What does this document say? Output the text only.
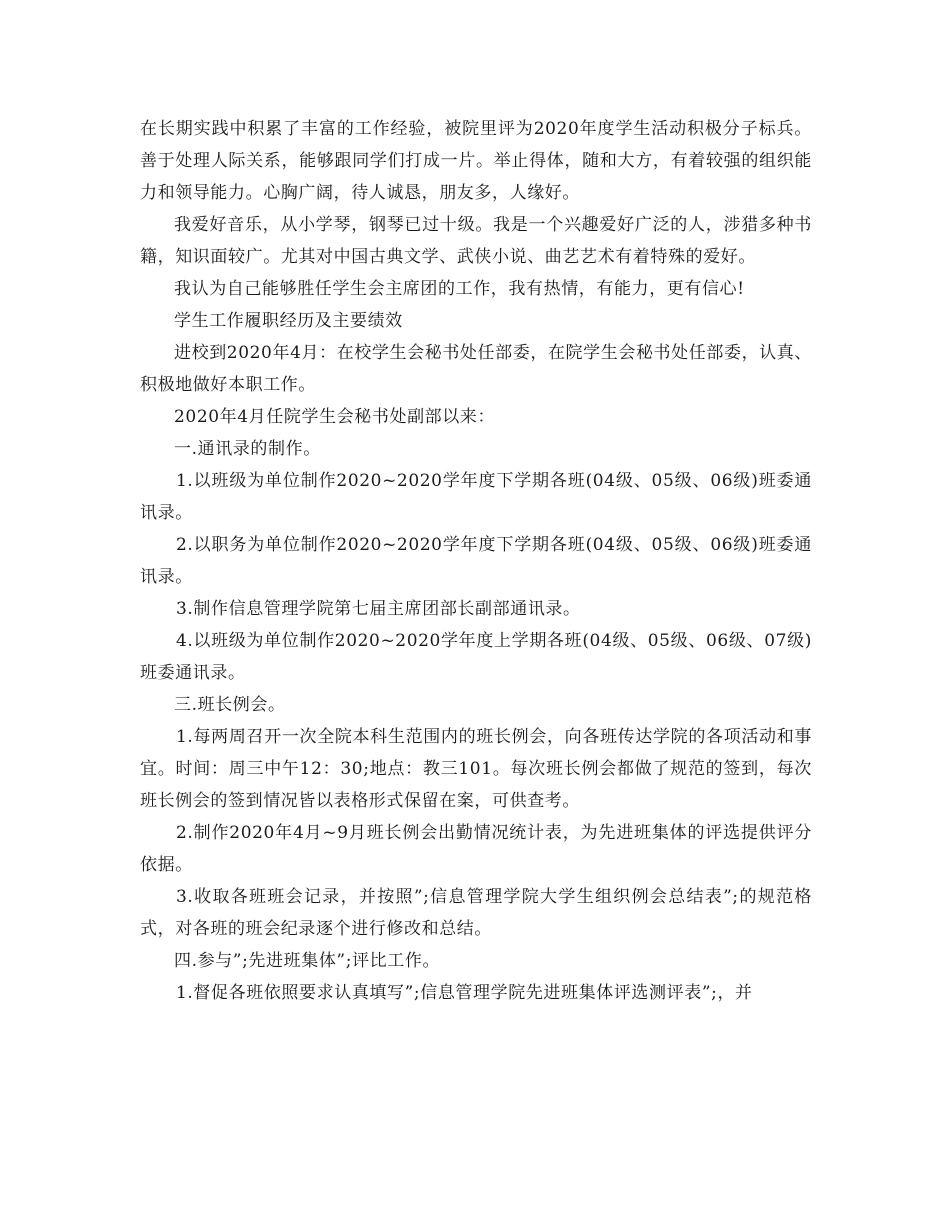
在长期实践中积累了丰富的工作经验，被院里评为2020年度学生活动积极分子标兵。善于处理人际关系，能够跟同学们打成一片。举止得体，随和大方，有着较强的组织能力和领导能力。心胸广阔，待人诚恳，朋友多，人缘好。

我爱好音乐，从小学琴，钢琴已过十级。我是一个兴趣爱好广泛的人，涉猎多种书籍，知识面较广。尤其对中国古典文学、武侠小说、曲艺艺术有着特殊的爱好。

我认为自己能够胜任学生会主席团的工作，我有热情，有能力，更有信心!

学生工作履职经历及主要绩效

进校到2020年4月：在校学生会秘书处任部委，在院学生会秘书处任部委，认真、积极地做好本职工作。

2020年4月任院学生会秘书处副部以来：

一.通讯录的制作。

1.以班级为单位制作2020~2020学年度下学期各班(04级、05级、06级)班委通讯录。

2.以职务为单位制作2020~2020学年度下学期各班(04级、05级、06级)班委通讯录。

3.制作信息管理学院第七届主席团部长副部通讯录。

4.以班级为单位制作2020~2020学年度上学期各班(04级、05级、06级、07级)班委通讯录。

三.班长例会。

1.每两周召开一次全院本科生范围内的班长例会，向各班传达学院的各项活动和事宜。时间：周三中午12：30;地点：教三101。每次班长例会都做了规范的签到，每次班长例会的签到情况皆以表格形式保留在案，可供查考。

2.制作2020年4月~9月班长例会出勤情况统计表，为先进班集体的评选提供评分依据。

3.收取各班班会记录，并按照”;信息管理学院大学生组织例会总结表”;的规范格式，对各班的班会纪录逐个进行修改和总结。

四.参与”;先进班集体”;评比工作。

1.督促各班依照要求认真填写”;信息管理学院先进班集体评选测评表”;，并
